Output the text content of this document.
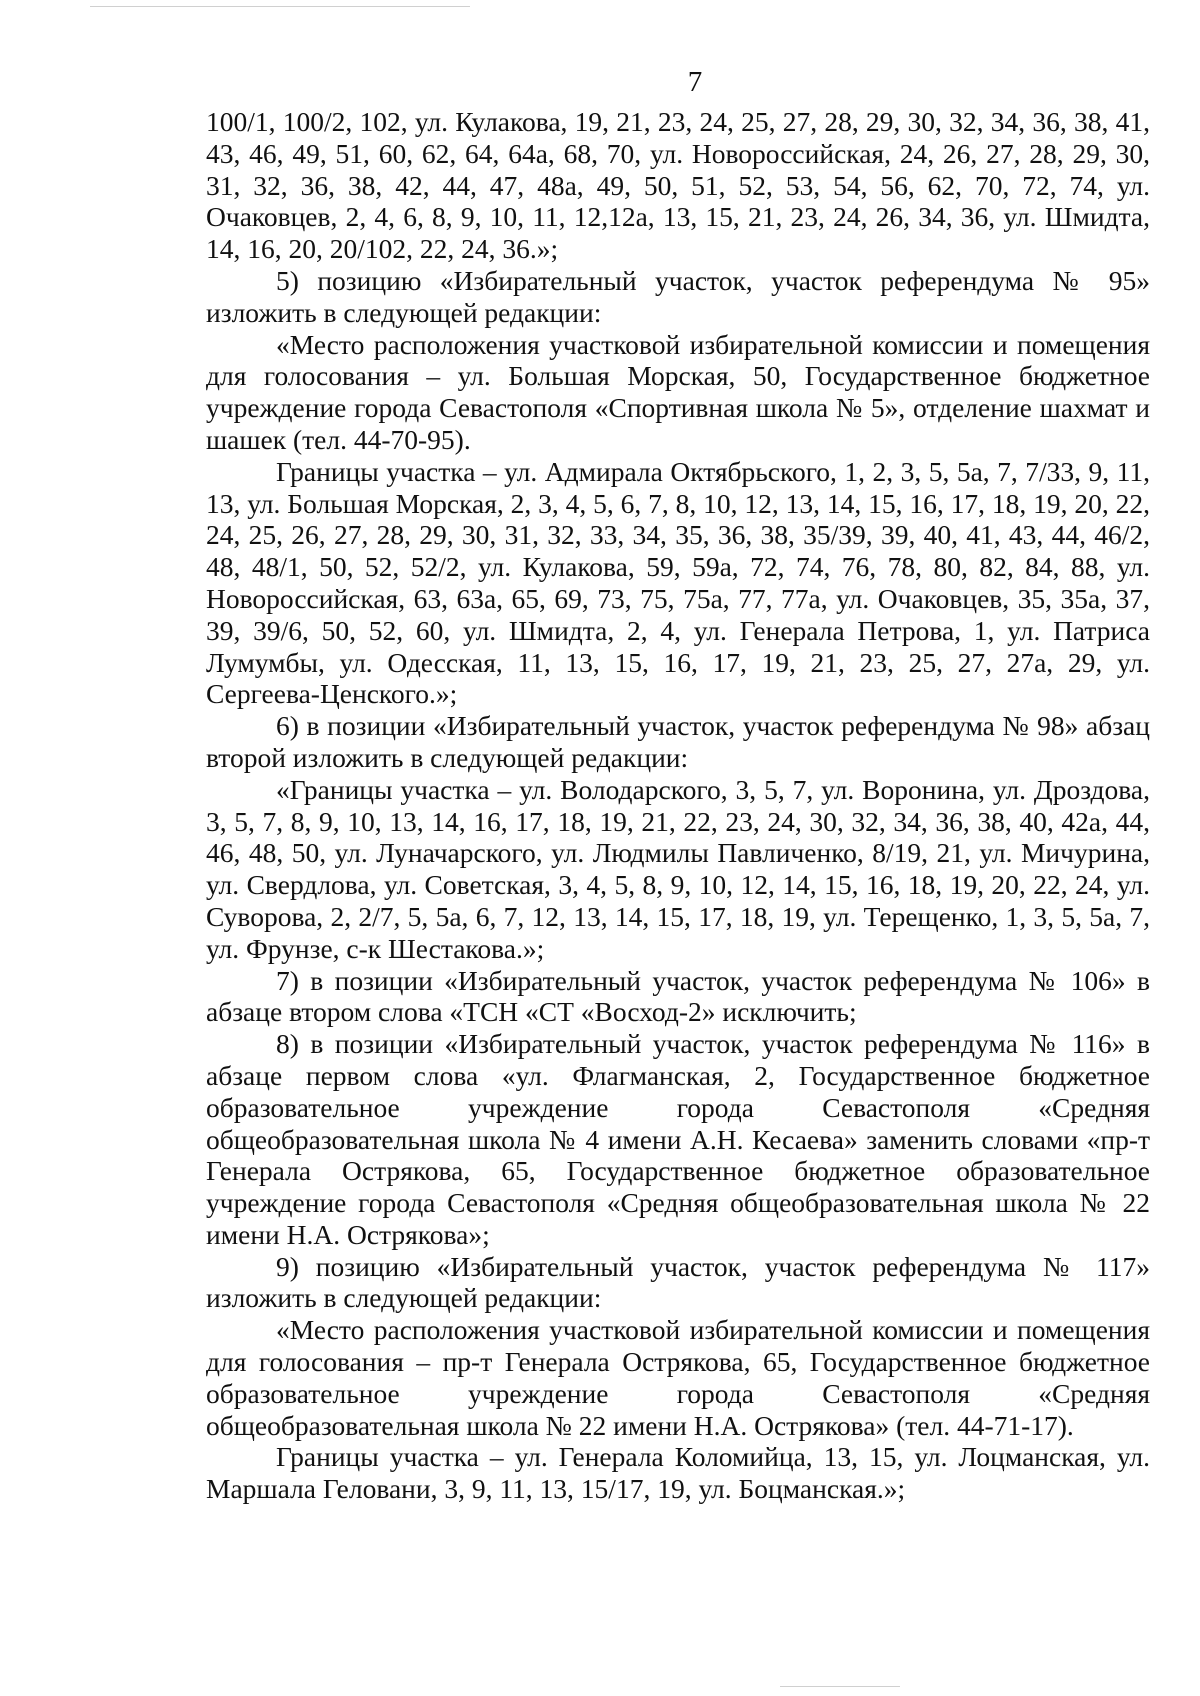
7

100/1, 100/2, 102, ул. Кулакова, 19, 21, 23, 24, 25, 27, 28, 29, 30, 32, 34, 36, 38, 41, 43, 46, 49, 51, 60, 62, 64, 64а, 68, 70, ул. Новороссийская, 24, 26, 27, 28, 29, 30, 31, 32, 36, 38, 42, 44, 47, 48а, 49, 50, 51, 52, 53, 54, 56, 62, 70, 72, 74, ул. Очаковцев, 2, 4, 6, 8, 9, 10, 11, 12,12а, 13, 15, 21, 23, 24, 26, 34, 36, ул. Шмидта, 14, 16, 20, 20/102, 22, 24, 36.»;

5) позицию «Избирательный участок, участок референдума № 95» изложить в следующей редакции:

«Место расположения участковой избирательной комиссии и помещения для голосования – ул. Большая Морская, 50, Государственное бюджетное учреждение города Севастополя «Спортивная школа № 5», отделение шахмат и шашек (тел. 44-70-95).

Границы участка – ул. Адмирала Октябрьского, 1, 2, 3, 5, 5а, 7, 7/33, 9, 11, 13, ул. Большая Морская, 2, 3, 4, 5, 6, 7, 8, 10, 12, 13, 14, 15, 16, 17, 18, 19, 20, 22, 24, 25, 26, 27, 28, 29, 30, 31, 32, 33, 34, 35, 36, 38, 35/39, 39, 40, 41, 43, 44, 46/2, 48, 48/1, 50, 52, 52/2, ул. Кулакова, 59, 59а, 72, 74, 76, 78, 80, 82, 84, 88, ул. Новороссийская, 63, 63а, 65, 69, 73, 75, 75а, 77, 77а, ул. Очаковцев, 35, 35а, 37, 39, 39/6, 50, 52, 60, ул. Шмидта, 2, 4, ул. Генерала Петрова, 1, ул. Патриса Лумумбы, ул. Одесская, 11, 13, 15, 16, 17, 19, 21, 23, 25, 27, 27а, 29, ул. Сергеева-Ценского.»;

6) в позиции «Избирательный участок, участок референдума № 98» абзац второй изложить в следующей редакции:

«Границы участка – ул. Володарского, 3, 5, 7, ул. Воронина, ул. Дроздова, 3, 5, 7, 8, 9, 10, 13, 14, 16, 17, 18, 19, 21, 22, 23, 24, 30, 32, 34, 36, 38, 40, 42а, 44, 46, 48, 50, ул. Луначарского, ул. Людмилы Павличенко, 8/19, 21, ул. Мичурина, ул. Свердлова, ул. Советская, 3, 4, 5, 8, 9, 10, 12, 14, 15, 16, 18, 19, 20, 22, 24, ул. Суворова, 2, 2/7, 5, 5а, 6, 7, 12, 13, 14, 15, 17, 18, 19, ул. Терещенко, 1, 3, 5, 5а, 7, ул. Фрунзе, с-к Шестакова.»;

7) в позиции «Избирательный участок, участок референдума № 106» в абзаце втором слова «ТСН «СТ «Восход-2» исключить;

8) в позиции «Избирательный участок, участок референдума № 116» в абзаце первом слова «ул. Флагманская, 2, Государственное бюджетное образовательное учреждение города Севастополя «Средняя общеобразовательная школа № 4 имени А.Н. Кесаева» заменить словами «пр-т Генерала Острякова, 65, Государственное бюджетное образовательное учреждение города Севастополя «Средняя общеобразовательная школа № 22 имени Н.А. Острякова»;

9) позицию «Избирательный участок, участок референдума № 117» изложить в следующей редакции:

«Место расположения участковой избирательной комиссии и помещения для голосования – пр-т Генерала Острякова, 65, Государственное бюджетное образовательное учреждение города Севастополя «Средняя общеобразовательная школа № 22 имени Н.А. Острякова» (тел. 44-71-17).

Границы участка – ул. Генерала Коломийца, 13, 15, ул. Лоцманская, ул. Маршала Геловани, 3, 9, 11, 13, 15/17, 19, ул. Боцманская.»;
